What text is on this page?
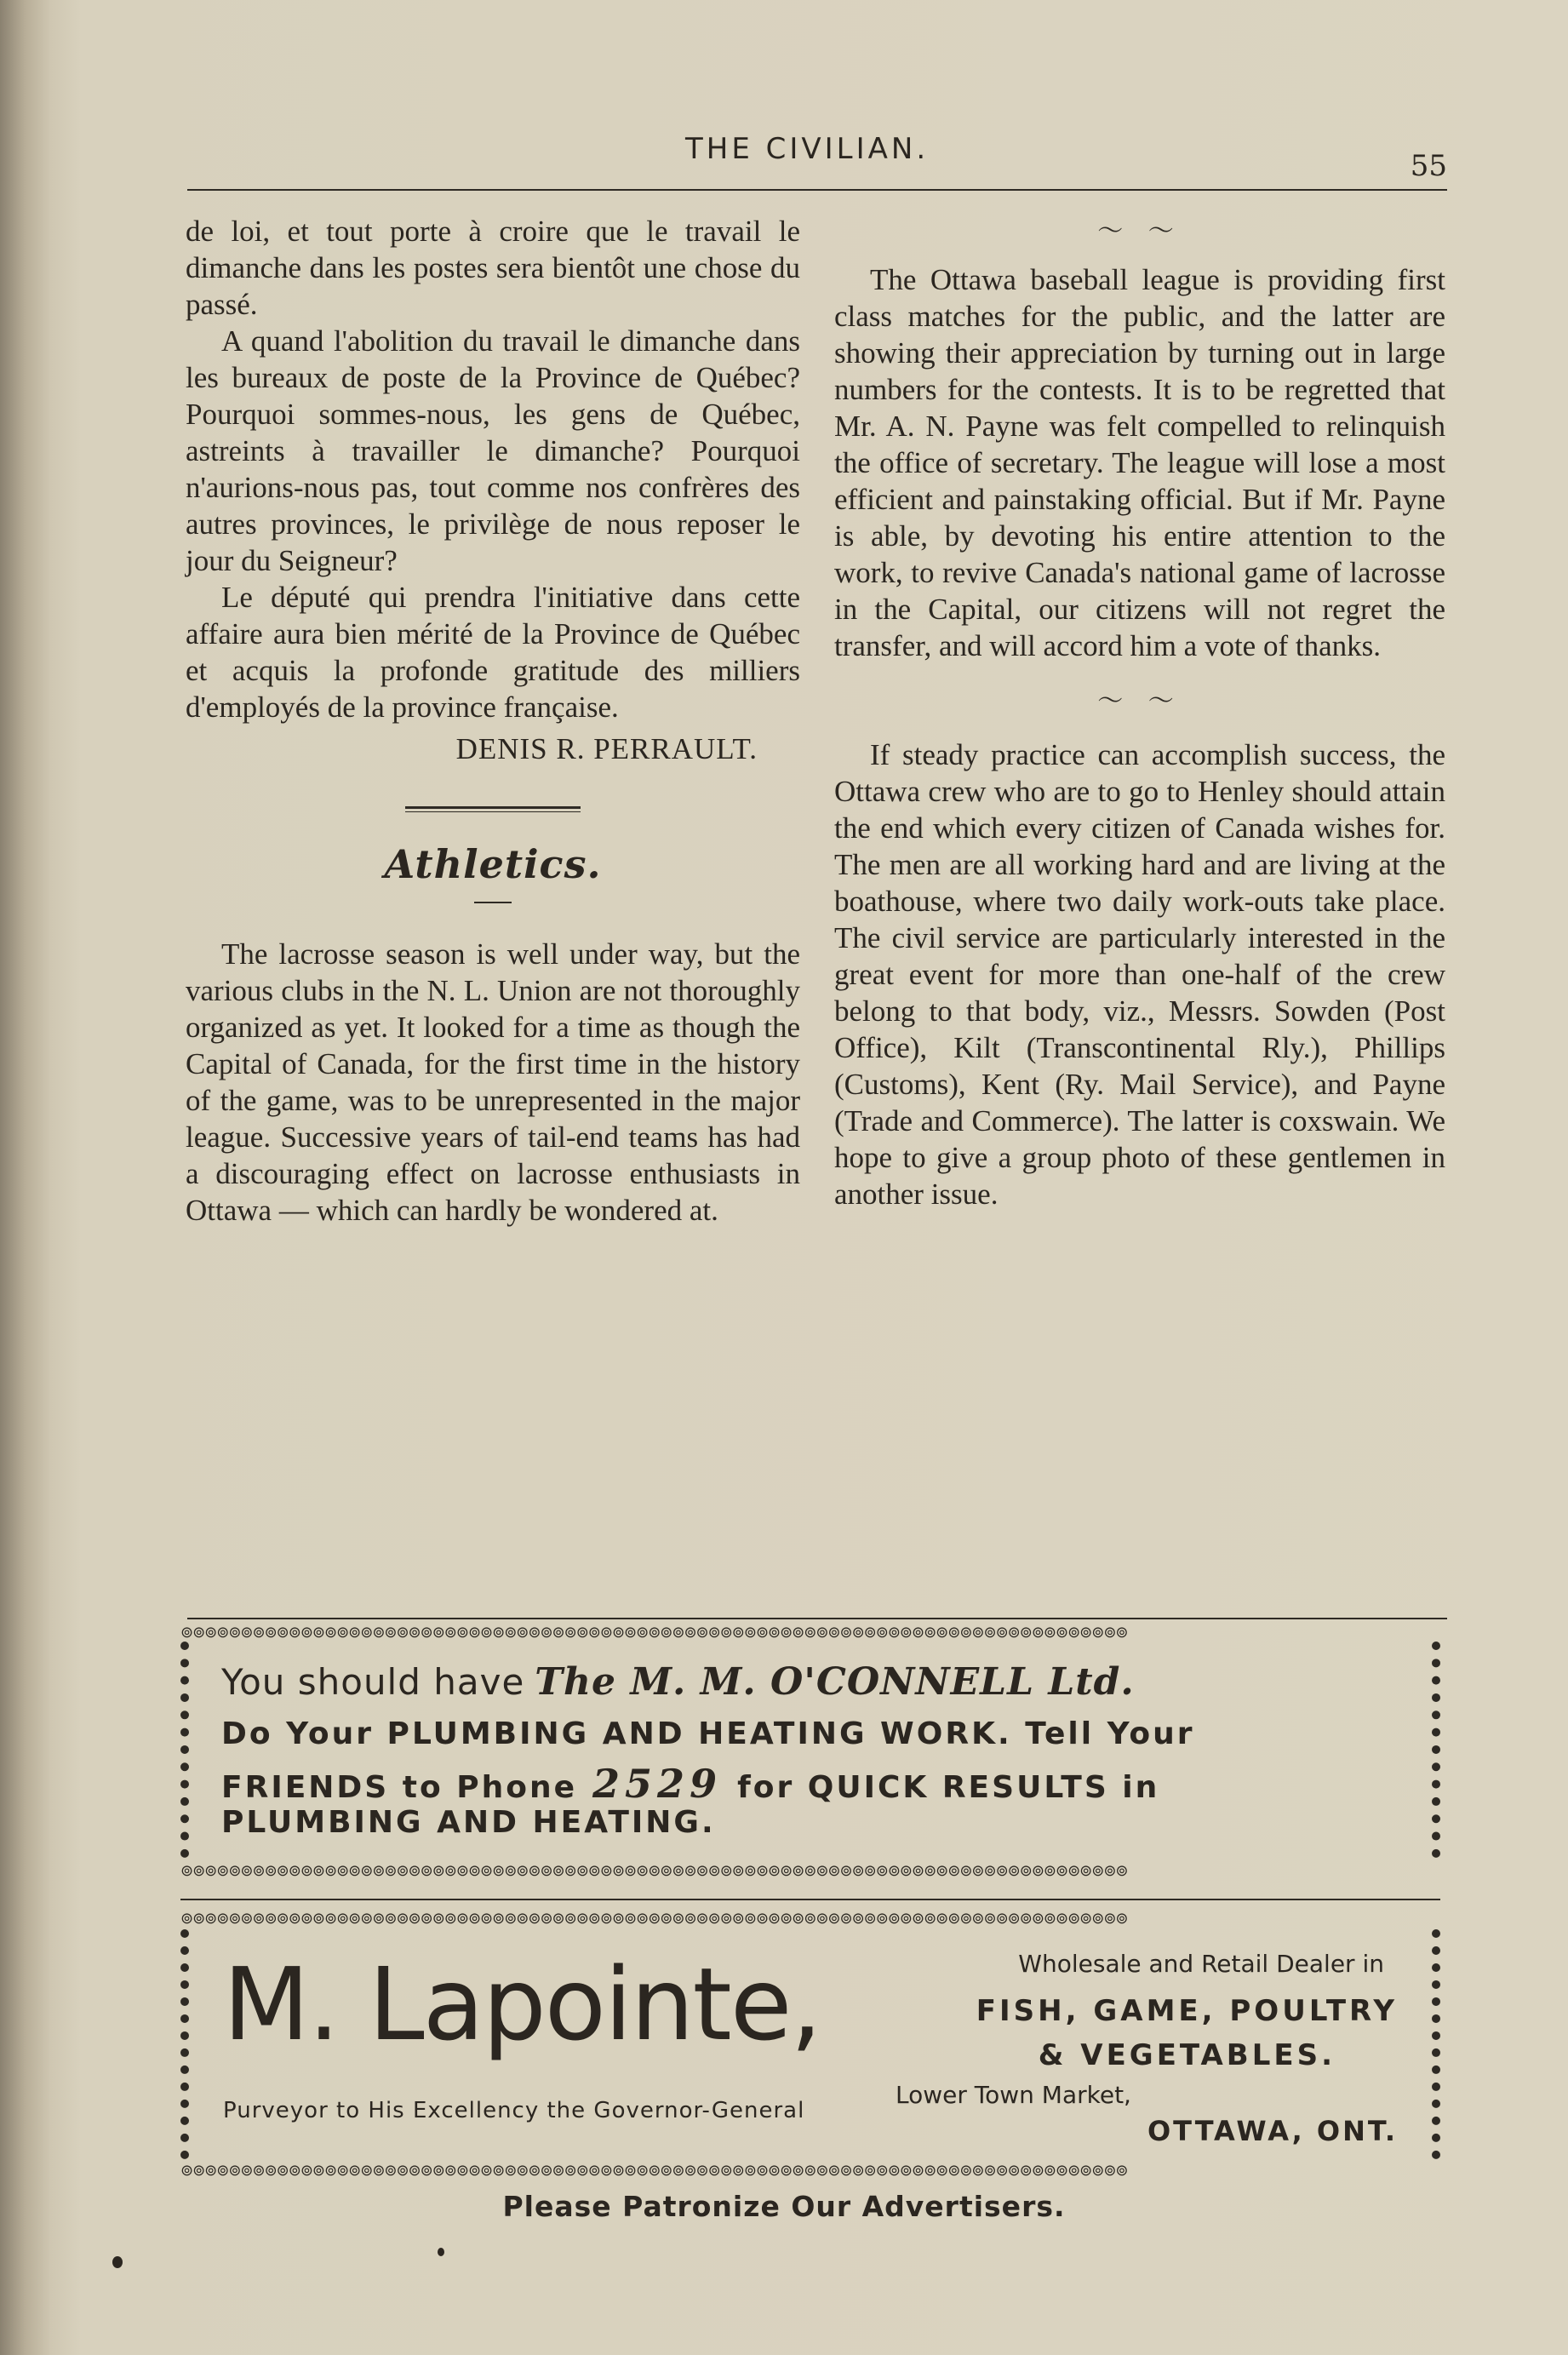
THE CIVILIAN.	55

de loi, et tout porte à croire que le travail le dimanche dans les postes sera bientôt une chose du passé.

A quand l'abolition du travail le dimanche dans les bureaux de poste de la Province de Québec? Pourquoi sommes-nous, les gens de Québec, astreints à travailler le dimanche? Pourquoi n'aurions-nous pas, tout comme nos confrères des autres provinces, le privilège de nous reposer le jour du Seigneur?

Le député qui prendra l'initiative dans cette affaire aura bien mérité de la Province de Québec et acquis la profonde gratitude des milliers d'employés de la province française.

DENIS R. PERRAULT.

Athletics.

The lacrosse season is well under way, but the various clubs in the N. L. Union are not thoroughly organized as yet. It looked for a time as though the Capital of Canada, for the first time in the history of the game, was to be unrepresented in the major league. Successive years of tail-end teams has had a discouraging effect on lacrosse enthusiasts in Ottawa — which can hardly be wondered at.

〜 〜

The Ottawa baseball league is providing first class matches for the public, and the latter are showing their appreciation by turning out in large numbers for the contests. It is to be regretted that Mr. A. N. Payne was felt compelled to relinquish the office of secretary. The league will lose a most efficient and painstaking official. But if Mr. Payne is able, by devoting his entire attention to the work, to revive Canada's national game of lacrosse in the Capital, our citizens will not regret the transfer, and will accord him a vote of thanks.

〜 〜

If steady practice can accomplish success, the Ottawa crew who are to go to Henley should attain the end which every citizen of Canada wishes for. The men are all working hard and are living at the boathouse, where two daily work-outs take place. The civil service are particularly interested in the great event for more than one-half of the crew belong to that body, viz., Messrs. Sowden (Post Office), Kilt (Transcontinental Rly.), Phillips (Customs), Kent (Ry. Mail Service), and Payne (Trade and Commerce). The latter is coxswain. We hope to give a group photo of these gentlemen in another issue.

⊚⊚⊚⊚⊚⊚⊚⊚⊚⊚⊚⊚⊚⊚⊚⊚⊚⊚⊚⊚⊚⊚⊚⊚⊚⊚⊚⊚⊚⊚⊚⊚⊚⊚⊚⊚⊚⊚⊚⊚⊚⊚⊚⊚⊚⊚⊚⊚⊚⊚⊚⊚⊚⊚⊚⊚⊚⊚⊚⊚⊚⊚⊚⊚⊚⊚⊚⊚⊚⊚⊚⊚⊚⊚⊚⊚⊚⊚⊚
You should have The M. M. O'CONNELL Ltd.
Do Your PLUMBING AND HEATING WORK. Tell Your
FRIENDS to Phone 2529 for QUICK RESULTS in
PLUMBING AND HEATING.
⊚⊚⊚⊚⊚⊚⊚⊚⊚⊚⊚⊚⊚⊚⊚⊚⊚⊚⊚⊚⊚⊚⊚⊚⊚⊚⊚⊚⊚⊚⊚⊚⊚⊚⊚⊚⊚⊚⊚⊚⊚⊚⊚⊚⊚⊚⊚⊚⊚⊚⊚⊚⊚⊚⊚⊚⊚⊚⊚⊚⊚⊚⊚⊚⊚⊚⊚⊚⊚⊚⊚⊚⊚⊚⊚⊚⊚⊚⊚
⊚⊚⊚⊚⊚⊚⊚⊚⊚⊚⊚⊚⊚⊚⊚⊚⊚⊚⊚⊚⊚⊚⊚⊚⊚⊚⊚⊚⊚⊚⊚⊚⊚⊚⊚⊚⊚⊚⊚⊚⊚⊚⊚⊚⊚⊚⊚⊚⊚⊚⊚⊚⊚⊚⊚⊚⊚⊚⊚⊚⊚⊚⊚⊚⊚⊚⊚⊚⊚⊚⊚⊚⊚⊚⊚⊚⊚⊚⊚
M. Lapointe,
Purveyor to His Excellency the Governor-General
Wholesale and Retail Dealer in
FISH, GAME, POULTRY
& VEGETABLES.
Lower Town Market,
OTTAWA, ONT.
⊚⊚⊚⊚⊚⊚⊚⊚⊚⊚⊚⊚⊚⊚⊚⊚⊚⊚⊚⊚⊚⊚⊚⊚⊚⊚⊚⊚⊚⊚⊚⊚⊚⊚⊚⊚⊚⊚⊚⊚⊚⊚⊚⊚⊚⊚⊚⊚⊚⊚⊚⊚⊚⊚⊚⊚⊚⊚⊚⊚⊚⊚⊚⊚⊚⊚⊚⊚⊚⊚⊚⊚⊚⊚⊚⊚⊚⊚⊚
Please Patronize Our Advertisers.
